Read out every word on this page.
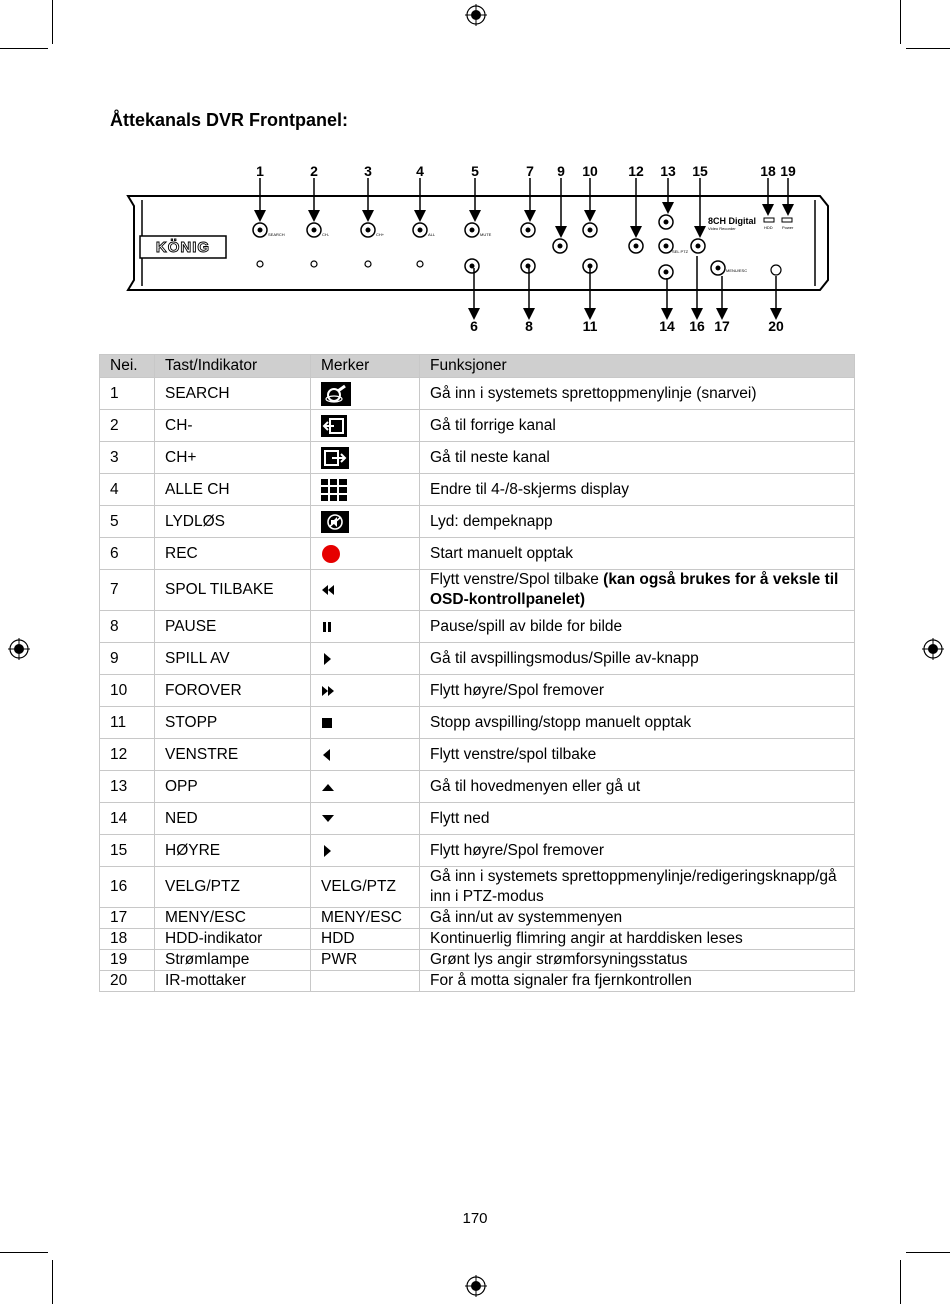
Åttekanals DVR Frontpanel:
KÖNIG
SEARCH	CH-	CH+	ALL	MUTE
SEL PTZ
MENU/ESC
8CH Digital
Video Recorder	HDD Power
1	2	3	4	5	7 9 10 12 13 15	18 19
6	8	11	14 16 17	20
Nei.	Tast/Indikator	Merker	Funksjoner
1	SEARCH		Gå inn i systemets sprettoppmenylinje (snarvei)
2	CH-		Gå til forrige kanal
3	CH+		Gå til neste kanal
4	ALLE CH		Endre til 4-/8-skjerms display
5	LYDLØS		Lyd: dempeknapp
6	REC		Start manuelt opptak
7	SPOL TILBAKE		Flytt venstre/Spol tilbake (kan også brukes for å veksle til OSD-kontrollpanelet)
8	PAUSE		Pause/spill av bilde for bilde
9	SPILL AV		Gå til avspillingsmodus/Spille av-knapp
10	FOROVER		Flytt høyre/Spol fremover
11	STOPP		Stopp avspilling/stopp manuelt opptak
12	VENSTRE		Flytt venstre/spol tilbake
13	OPP		Gå til hovedmenyen eller gå ut
14	NED		Flytt ned
15	HØYRE		Flytt høyre/Spol fremover
16	VELG/PTZ	VELG/PTZ	Gå inn i systemets sprettoppmenylinje/redigeringsknapp/gå inn i PTZ-modus
17	MENY/ESC	MENY/ESC	Gå inn/ut av systemmenyen
18	HDD-indikator	HDD	Kontinuerlig flimring angir at harddisken leses
19	Strømlampe	PWR	Grønt lys angir strømforsyningsstatus
20	IR-mottaker		For å motta signaler fra fjernkontrollen
170
